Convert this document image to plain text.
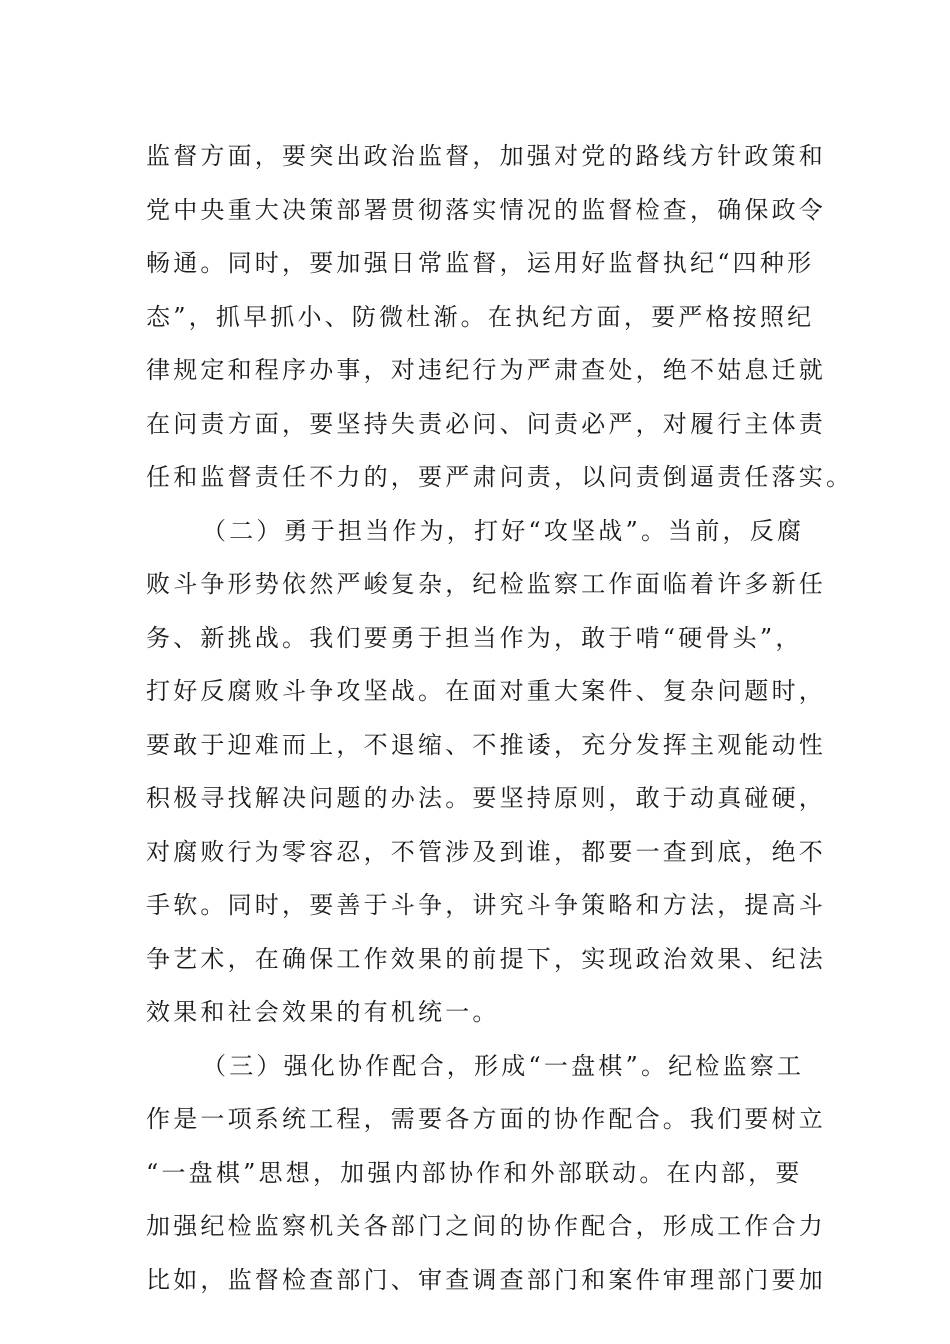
监督方面，要突出政治监督，加强对党的路线方针政策和
党中央重大决策部署贯彻落实情况的监督检查，确保政令
畅通。同时，要加强日常监督，运用好监督执纪“四种形
态”，抓早抓小、防微杜渐。在执纪方面，要严格按照纪
律规定和程序办事，对违纪行为严肃查处，绝不姑息迁就
在问责方面，要坚持失责必问、问责必严，对履行主体责
任和监督责任不力的，要严肃问责，以问责倒逼责任落实。
（二）勇于担当作为，打好“攻坚战”。当前，反腐
败斗争形势依然严峻复杂，纪检监察工作面临着许多新任
务、新挑战。我们要勇于担当作为，敢于啃“硬骨头”，
打好反腐败斗争攻坚战。在面对重大案件、复杂问题时，
要敢于迎难而上，不退缩、不推诿，充分发挥主观能动性
积极寻找解决问题的办法。要坚持原则，敢于动真碰硬，
对腐败行为零容忍，不管涉及到谁，都要一查到底，绝不
手软。同时，要善于斗争，讲究斗争策略和方法，提高斗
争艺术，在确保工作效果的前提下，实现政治效果、纪法
效果和社会效果的有机统一。
（三）强化协作配合，形成“一盘棋”。纪检监察工
作是一项系统工程，需要各方面的协作配合。我们要树立
“一盘棋”思想，加强内部协作和外部联动。在内部，要
加强纪检监察机关各部门之间的协作配合，形成工作合力
比如，监督检查部门、审查调查部门和案件审理部门要加
